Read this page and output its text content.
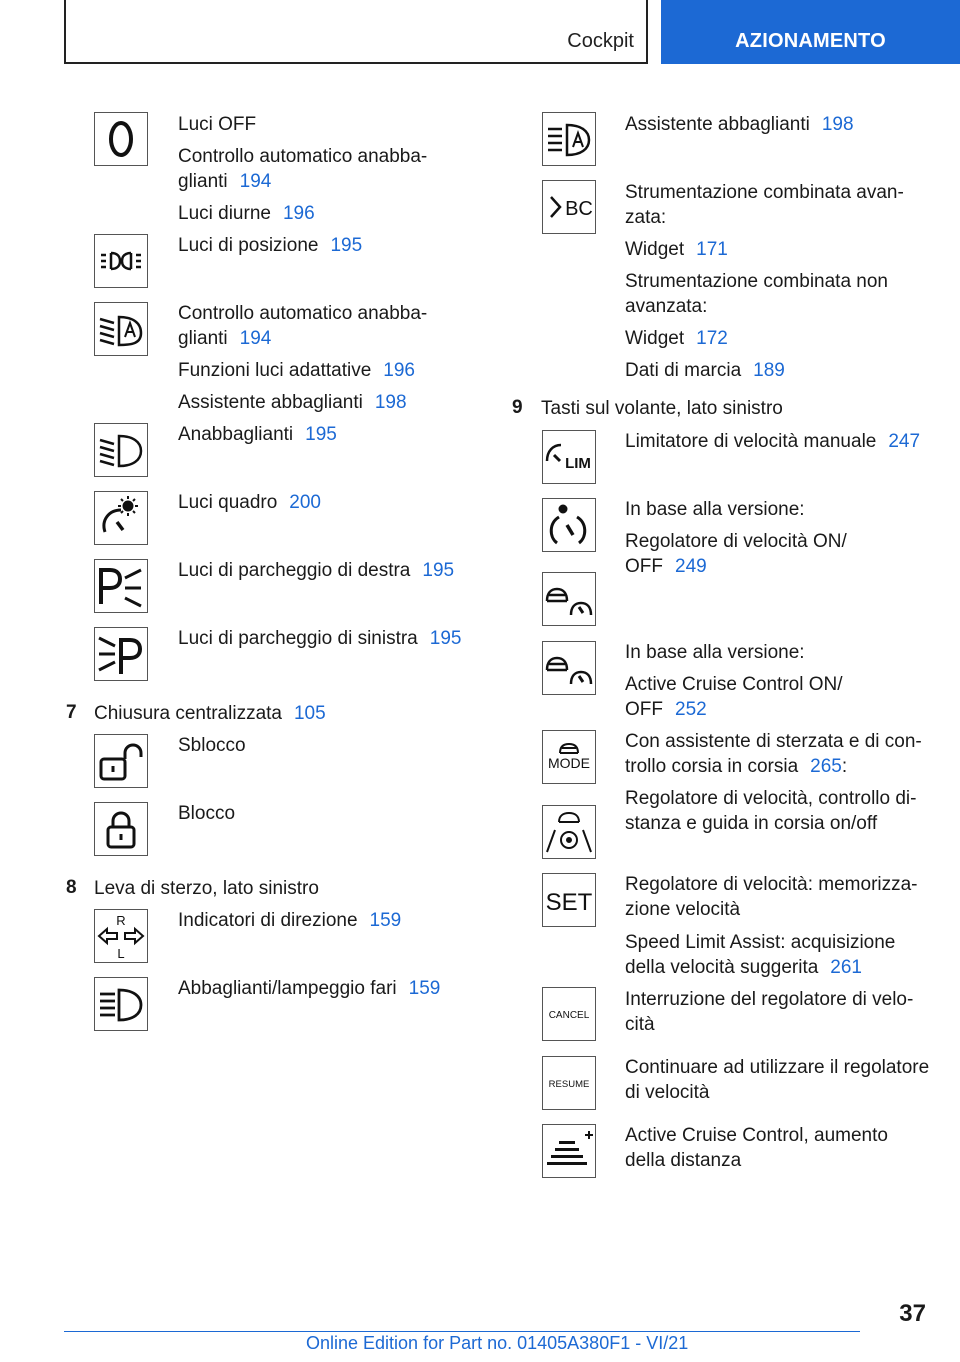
Cockpit	AZIONAMENTO
Luci OFF
Controllo automatico anabba-
glianti 194
Luci diurne 196
Luci di posizione 195
Controllo automatico anabba-
glianti 194
Funzioni luci adattative 196
Assistente abbaglianti 198
Anabbaglianti 195
Luci quadro 200
Luci di parcheggio di destra 195
Luci di parcheggio di sinistra 195
7 Chiusura centralizzata 105
Sblocco
Blocco
8 Leva di sterzo, lato sinistro
R
L
Indicatori di direzione 159
Abbaglianti/lampeggio fari 159
Assistente abbaglianti 198
BC
Strumentazione combinata avan-
zata:
Widget 171
Strumentazione combinata non
avanzata:
Widget 172
Dati di marcia 189
9 Tasti sul volante, lato sinistro
LIM
Limitatore di velocità manuale 247
In base alla versione:
Regolatore di velocità ON/
OFF 249
In base alla versione:
Active Cruise Control ON/
OFF 252
MODE
Con assistente di sterzata e di con-
trollo corsia in corsia 265:
Regolatore di velocità, controllo di-
stanza e guida in corsia on/off
SET
Regolatore di velocità: memorizza-
zione velocità
Speed Limit Assist: acquisizione
della velocità suggerita 261
CANCEL
Interruzione del regolatore di velo-
cità
RESUME
Continuare ad utilizzare il regolatore
di velocità
Active Cruise Control, aumento
della distanza
37
Online Edition for Part no. 01405A380F1 - VI/21
